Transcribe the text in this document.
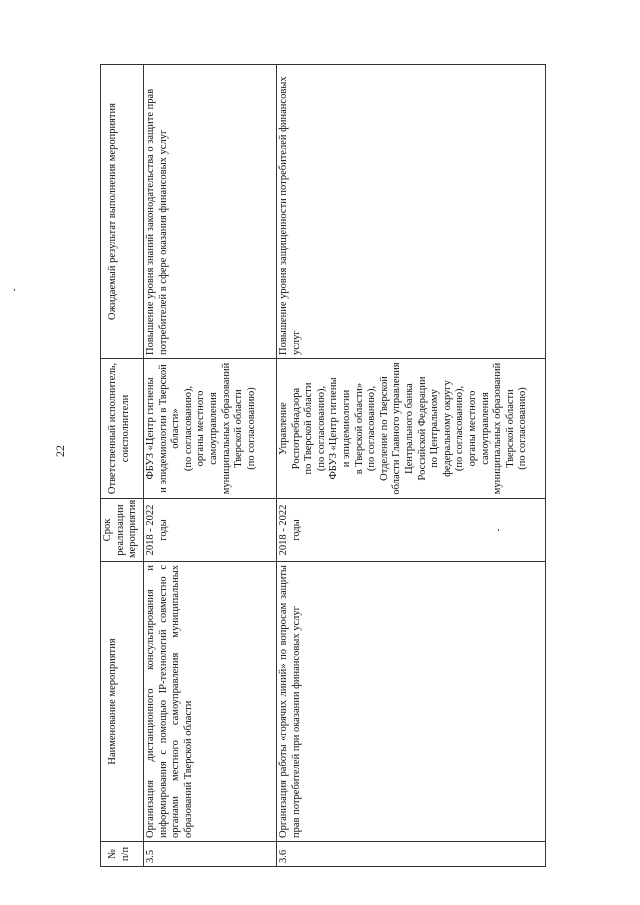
22
№ п/п
Наименование мероприятия
Срок реализации мероприятия
Ответственный исполнитель, соисполнители
Ожидаемый результат выполнения мероприятия
3.5
Организация дистанционного консультирования и информирования с помощью IP-технологий совместно с органами местного самоуправления муниципальных образований Тверской области
2018 - 2022 годы
ФБУЗ «Центр гигиены и эпидемиологии в Тверской области» (по согласованию), органы местного самоуправления муниципальных образований Тверской области (по согласованию)
Повышение уровня знаний законодательства о защите прав потребителей в сфере оказания финансовых услуг
3.6
Организация работы «горячих линий» по вопросам защиты прав потребителей при оказании финансовых услуг
2018 - 2022 годы
Управление Роспотребнадзора по Тверской области (по согласованию), ФБУЗ «Центр гигиены и эпидемиологии в Тверской области» (по согласованию), Отделение по Тверской области Главного управления Центрального банка Российской Федерации по Центральному федеральному округу (по согласованию), органы местного самоуправления муниципальных образований Тверской области (по согласованию)
Повышение уровня защищенности потребителей финансовых услуг
